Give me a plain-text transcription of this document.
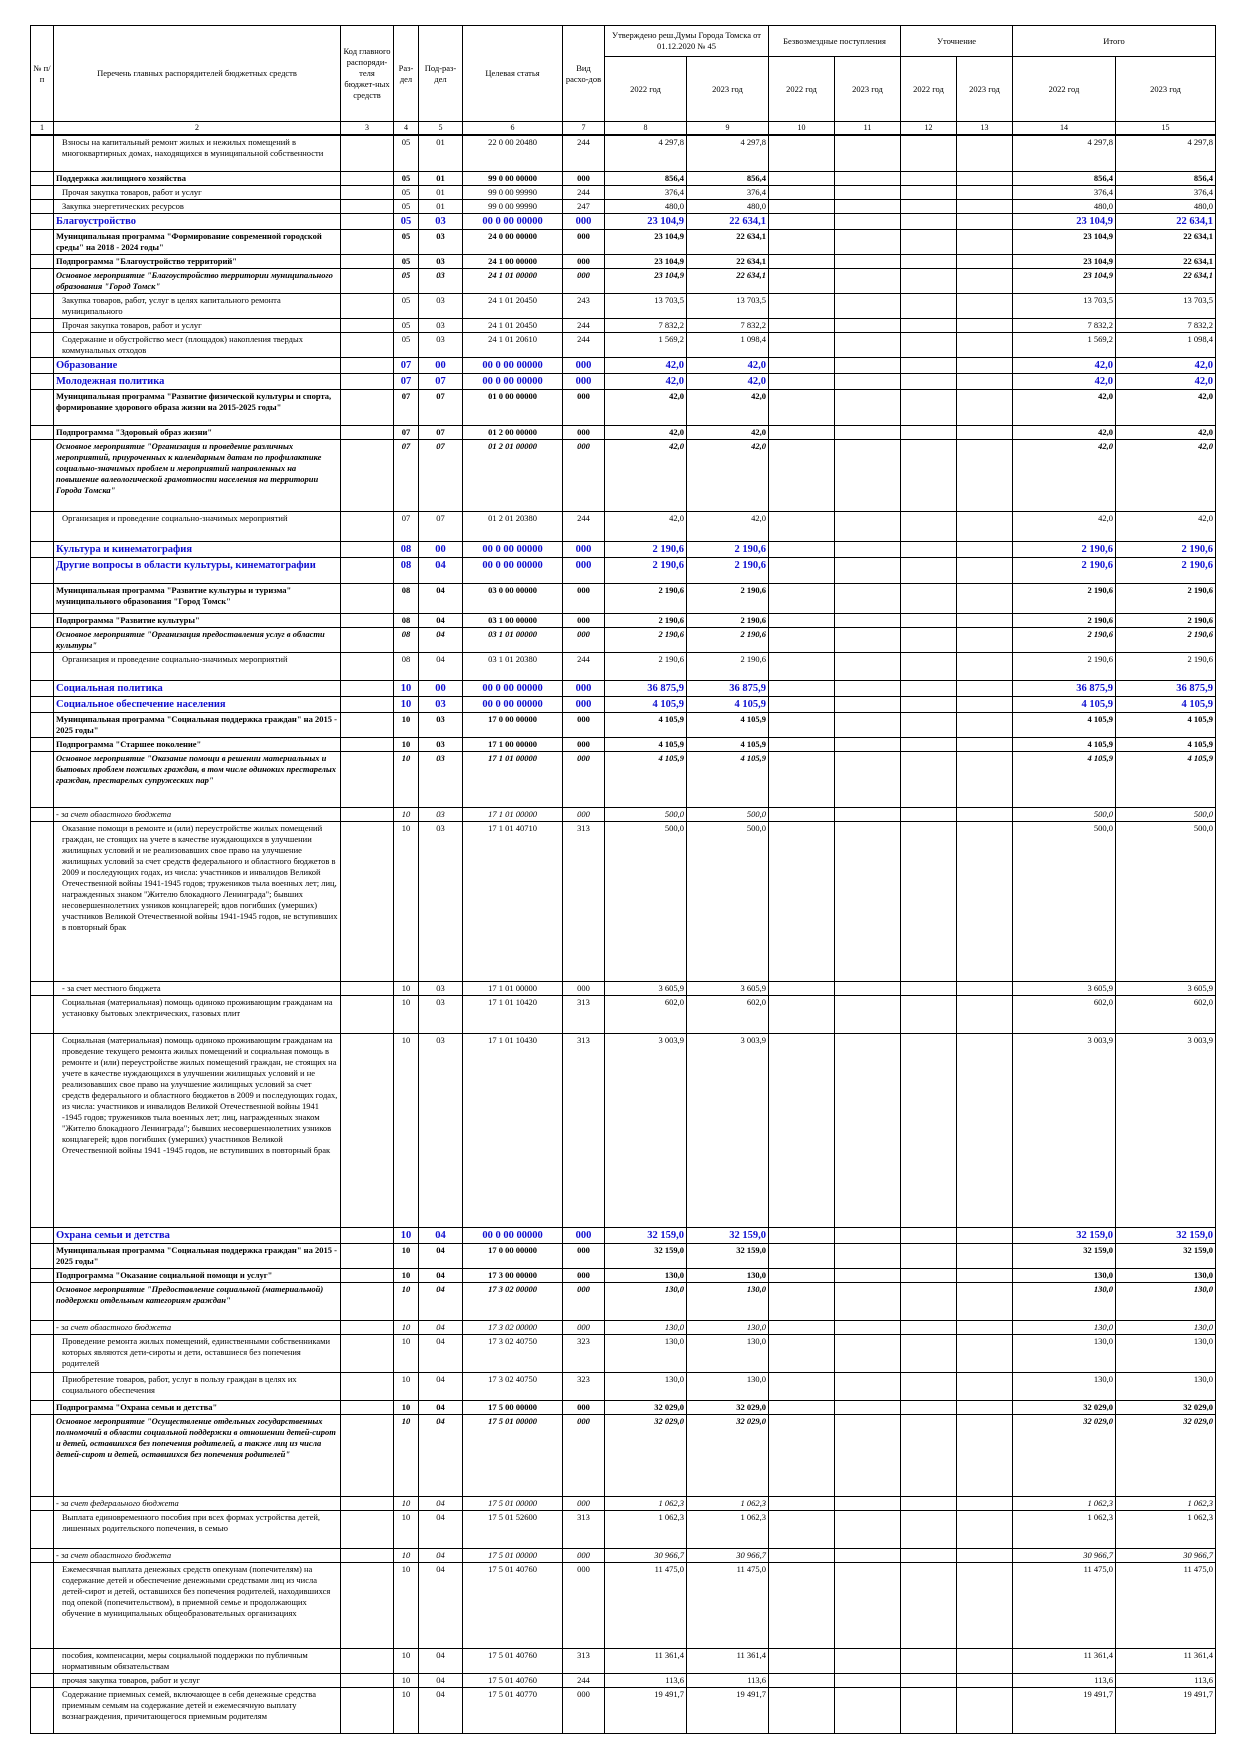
№ п/п	Перечень главных распорядителей бюджетных средств	Код главного распоряди-теля бюджет-ных средств	Раз-дел	Под-раз-дел	Целевая статья	Вид расхо-дов	Утверждено реш.Думы Города Томска от 01.12.2020 № 45		Безвозмездные поступления		Уточнение		Итого	
							2022 год	2023 год	2022 год	2023 год	2022 год	2023 год	2022 год	2023 год
1	2	3	4	5	6	7	8	9	10	11	12	13	14	15
	Взносы на капитальный ремонт жилых и нежилых помещений в многоквартирных домах, находящихся в муниципальной собственности		05	01	22 0 00 20480	244	4 297,8	4 297,8					4 297,8	4 297,8
	Поддержка жилищного хозяйства		05	01	99 0 00 00000	000	856,4	856,4					856,4	856,4
	Прочая закупка товаров, работ и услуг		05	01	99 0 00 99990	244	376,4	376,4					376,4	376,4
	Закупка энергетических ресурсов		05	01	99 0 00 99990	247	480,0	480,0					480,0	480,0
	Благоустройство		05	03	00 0 00 00000	000	23 104,9	22 634,1					23 104,9	22 634,1
	Муниципальная программа "Формирование современной городской среды" на 2018 - 2024 годы"		05	03	24 0 00 00000	000	23 104,9	22 634,1					23 104,9	22 634,1
	Подпрограмма "Благоустройство территорий"		05	03	24 1 00 00000	000	23 104,9	22 634,1					23 104,9	22 634,1
	Основное мероприятие "Благоустройство территории муниципального образования "Город Томск"		05	03	24 1 01 00000	000	23 104,9	22 634,1					23 104,9	22 634,1
	Закупка товаров, работ, услуг в целях капитального ремонта муниципального		05	03	24 1 01 20450	243	13 703,5	13 703,5					13 703,5	13 703,5
	Прочая закупка товаров, работ и услуг		05	03	24 1 01 20450	244	7 832,2	7 832,2					7 832,2	7 832,2
	Содержание и обустройство мест (площадок) накопления твердых коммунальных отходов		05	03	24 1 01 20610	244	1 569,2	1 098,4					1 569,2	1 098,4
	Образование		07	00	00 0 00 00000	000	42,0	42,0					42,0	42,0
	Молодежная политика		07	07	00 0 00 00000	000	42,0	42,0					42,0	42,0
	Муниципальная программа "Развитие физической культуры и спорта, формирование здорового образа жизни на 2015-2025 годы"		07	07	01 0 00 00000	000	42,0	42,0					42,0	42,0
	Подпрограмма "Здоровый образ жизни"		07	07	01 2 00 00000	000	42,0	42,0					42,0	42,0
	Основное мероприятие "Организация и проведение различных мероприятий, приуроченных к календарным датам по профилактике социально-значимых проблем и мероприятий направленных на повышение валеологической грамотности населения на территории Города Томска"		07	07	01 2 01 00000	000	42,0	42,0					42,0	42,0
	Организация и проведение социально-значимых мероприятий		07	07	01 2 01 20380	244	42,0	42,0					42,0	42,0
	Культура и кинематография		08	00	00 0 00 00000	000	2 190,6	2 190,6					2 190,6	2 190,6
	Другие вопросы в области культуры, кинематографии		08	04	00 0 00 00000	000	2 190,6	2 190,6					2 190,6	2 190,6
	Муниципальная программа "Развитие культуры и туризма" муниципального образования "Город Томск"		08	04	03 0 00 00000	000	2 190,6	2 190,6					2 190,6	2 190,6
	Подпрограмма "Развитие культуры"		08	04	03 1 00 00000	000	2 190,6	2 190,6					2 190,6	2 190,6
	Основное мероприятие "Организация предоставления услуг в области культуры"		08	04	03 1 01 00000	000	2 190,6	2 190,6					2 190,6	2 190,6
	Организация и проведение социально-значимых мероприятий		08	04	03 1 01 20380	244	2 190,6	2 190,6					2 190,6	2 190,6
	Социальная политика		10	00	00 0 00 00000	000	36 875,9	36 875,9					36 875,9	36 875,9
	Социальное обеспечение населения		10	03	00 0 00 00000	000	4 105,9	4 105,9					4 105,9	4 105,9
	Муниципальная программа "Социальная поддержка граждан" на 2015 - 2025 годы"		10	03	17 0 00 00000	000	4 105,9	4 105,9					4 105,9	4 105,9
	Подпрограмма "Старшее поколение"		10	03	17 1 00 00000	000	4 105,9	4 105,9					4 105,9	4 105,9
	Основное мероприятие "Оказание помощи в решении материальных и бытовых проблем пожилых граждан, в том числе одиноких престарелых граждан, престарелых супружеских пар"		10	03	17 1 01 00000	000	4 105,9	4 105,9					4 105,9	4 105,9
	- за счет областного бюджета		10	03	17 1 01 00000	000	500,0	500,0					500,0	500,0
	Оказание помощи в ремонте и (или) переустройстве жилых помещений граждан, не стоящих на учете в качестве нуждающихся в улучшении жилищных условий и не реализовавших свое право на улучшение жилищных условий за счет средств федерального и областного бюджетов в 2009 и последующих годах, из числа: участников и инвалидов Великой Отечественной войны 1941-1945 годов; тружеников тыла военных лет; лиц, награжденных знаком "Жителю блокадного Ленинграда"; бывших несовершеннолетних узников концлагерей; вдов погибших (умерших) участников Великой Отечественной войны 1941-1945 годов, не вступивших в повторный брак		10	03	17 1 01 40710	313	500,0	500,0					500,0	500,0
	- за счет местного бюджета		10	03	17 1 01 00000	000	3 605,9	3 605,9					3 605,9	3 605,9
	Социальная (материальная) помощь одиноко проживающим гражданам на установку бытовых электрических, газовых плит		10	03	17 1 01 10420	313	602,0	602,0					602,0	602,0
	Социальная (материальная) помощь одиноко проживающим гражданам на проведение текущего ремонта жилых помещений и социальная помощь в ремонте и (или) переустройстве жилых помещений граждан, не стоящих на учете в качестве нуждающихся в улучшении жилищных условий и не реализовавших свое право на улучшение жилищных условий за счет средств федерального и областного бюджетов в 2009 и последующих годах, из числа: участников и инвалидов Великой Отечественной войны 1941 -1945 годов; тружеников тыла военных лет; лиц, награжденных знаком "Жителю блокадного Ленинграда"; бывших несовершеннолетних узников концлагерей; вдов погибших (умерших) участников Великой Отечественной войны 1941 -1945 годов, не вступивших в повторный брак		10	03	17 1 01 10430	313	3 003,9	3 003,9					3 003,9	3 003,9
	Охрана семьи и детства		10	04	00 0 00 00000	000	32 159,0	32 159,0					32 159,0	32 159,0
	Муниципальная программа "Социальная поддержка граждан" на 2015 - 2025 годы"		10	04	17 0 00 00000	000	32 159,0	32 159,0					32 159,0	32 159,0
	Подпрограмма "Оказание социальной помощи и услуг"		10	04	17 3 00 00000	000	130,0	130,0					130,0	130,0
	Основное мероприятие "Предоставление социальной (материальной) поддержки отдельным категориям граждан"		10	04	17 3 02 00000	000	130,0	130,0					130,0	130,0
	- за счет областного бюджета		10	04	17 3 02 00000	000	130,0	130,0					130,0	130,0
	Проведение ремонта жилых помещений, единственными собственниками которых являются дети-сироты и дети, оставшиеся без попечения родителей		10	04	17 3 02 40750	323	130,0	130,0					130,0	130,0
	Приобретение товаров, работ, услуг в пользу граждан в целях их социального обеспечения		10	04	17 3 02 40750	323	130,0	130,0					130,0	130,0
	Подпрограмма "Охрана семьи и детства"		10	04	17 5 00 00000	000	32 029,0	32 029,0					32 029,0	32 029,0
	Основное мероприятие "Осуществление отдельных государственных полномочий в области социальной поддержки в отношении детей-сирот и детей, оставшихся без попечения родителей, а также лиц из числа детей-сирот и детей, оставшихся без попечения родителей"		10	04	17 5 01 00000	000	32 029,0	32 029,0					32 029,0	32 029,0
	- за счет федерального бюджета		10	04	17 5 01 00000	000	1 062,3	1 062,3					1 062,3	1 062,3
	Выплата единовременного пособия при всех формах устройства детей, лишенных родительского попечения, в семью		10	04	17 5 01 52600	313	1 062,3	1 062,3					1 062,3	1 062,3
	- за счет областного бюджета		10	04	17 5 01 00000	000	30 966,7	30 966,7					30 966,7	30 966,7
	Ежемесячная выплата денежных средств опекунам (попечителям) на содержание детей и обеспечение денежными средствами лиц из числа детей-сирот и детей, оставшихся без попечения родителей, находившихся под опекой (попечительством), в приемной семье и продолжающих обучение в муниципальных общеобразовательных организациях		10	04	17 5 01 40760	000	11 475,0	11 475,0					11 475,0	11 475,0
	пособия, компенсации, меры социальной поддержки по публичным нормативным обязательствам		10	04	17 5 01 40760	313	11 361,4	11 361,4					11 361,4	11 361,4
	прочая закупка товаров, работ и услуг		10	04	17 5 01 40760	244	113,6	113,6					113,6	113,6
	Содержание приемных семей, включающее в себя денежные средства приемным семьям на содержание детей и ежемесячную выплату вознаграждения, причитающегося приемным родителям		10	04	17 5 01 40770	000	19 491,7	19 491,7					19 491,7	19 491,7
